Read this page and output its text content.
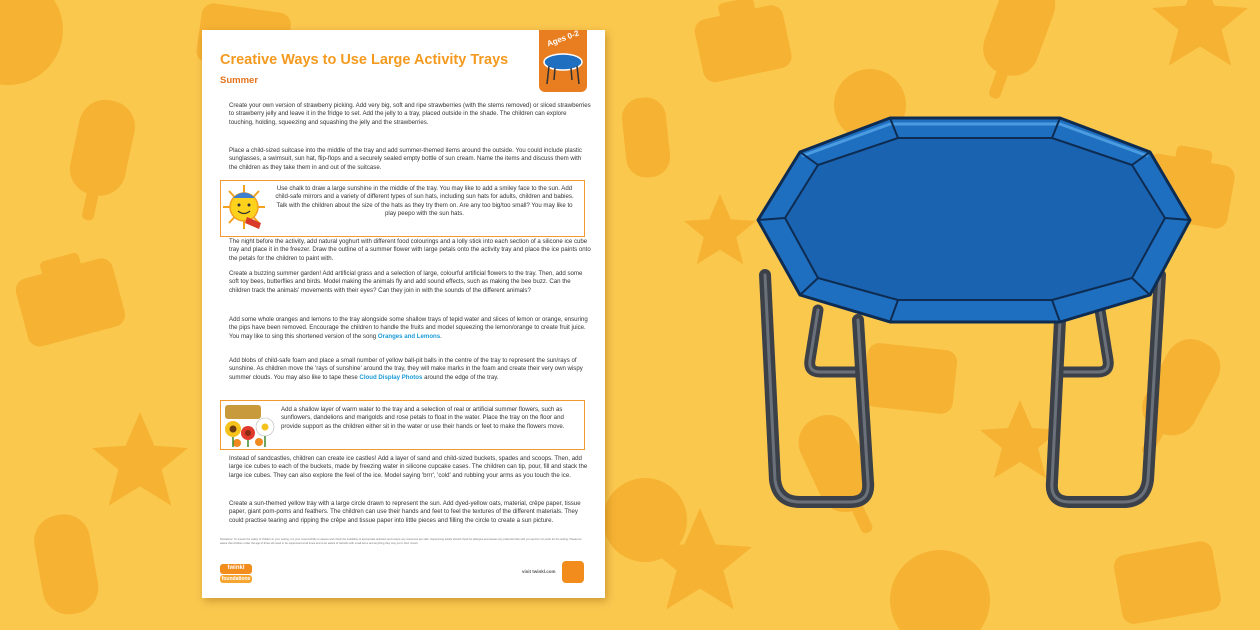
Creative Ways to Use Large Activity Trays
Summer
Ages 0-2

Create your own version of strawberry picking. Add very big, soft and ripe strawberries (with the stems removed) or sliced strawberries to strawberry jelly and leave it in the fridge to set. Add the jelly to a tray, placed outside in the shade. The children can explore touching, holding, squeezing and squashing the jelly and the strawberries.

Place a child-sized suitcase into the middle of the tray and add summer-themed items around the outside. You could include plastic sunglasses, a swimsuit, sun hat, flip-flops and a securely sealed empty bottle of sun cream. Name the items and discuss them with the children as they take them in and out of the suitcase.

Use chalk to draw a large sunshine in the middle of the tray. You may like to add a smiley face to the sun. Add child-safe mirrors and a variety of different types of sun hats, including sun hats for adults, children and babies. Talk with the children about the size of the hats as they try them on. Are any too big/too small? You may like to play peepo with the sun hats.

The night before the activity, add natural yoghurt with different food colourings and a lolly stick into each section of a silicone ice cube tray and place it in the freezer. Draw the outline of a summer flower with large petals onto the activity tray and place the ice paints onto the petals for the children to paint with.

Create a buzzing summer garden! Add artificial grass and a selection of large, colourful artificial flowers to the tray. Then, add some soft toy bees, butterflies and birds. Model making the animals fly and add sound effects, such as making the bee buzz. Can the children track the animals' movements with their eyes? Can they join in with the sounds of the different animals?

Add some whole oranges and lemons to the tray alongside some shallow trays of tepid water and slices of lemon or orange, ensuring the pips have been removed. Encourage the children to handle the fruits and model squeezing the lemon/orange to create fruit juice. You may like to sing this shortened version of the song Oranges and Lemons.

Add blobs of child-safe foam and place a small number of yellow ball-pit balls in the centre of the tray to represent the sun/rays of sunshine. As children move the 'rays of sunshine' around the tray, they will make marks in the foam and create their very own wispy summer clouds. You may also like to tape these Cloud Display Photos around the edge of the tray.

Add a shallow layer of warm water to the tray and a selection of real or artificial summer flowers, such as sunflowers, dandelions and marigolds and rose petals to float in the water. Place the tray on the floor and provide support as the children either sit in the water or use their hands or feet to make the flowers move.

Instead of sandcastles, children can create ice castles! Add a layer of sand and child-sized buckets, spades and scoops. Then, add large ice cubes to each of the buckets, made by freezing water in silicone cupcake cases. The children can tip, pour, fill and stack the large ice cubes. They can also explore the feel of the ice. Model saying 'brrr', 'cold' and rubbing your arms as you touch the ice.

Create a sun-themed yellow tray with a large circle drawn to represent the sun. Add dyed-yellow oats, material, crêpe paper, tissue paper, giant pom-poms and feathers. The children can use their hands and feet to feel the textures of the different materials. They could practise tearing and ripping the crêpe and tissue paper into little pieces and filling the circle to create a sun picture.

Disclaimer: To ensure the safety of children in your setting, it is your responsibility to assess and check the suitability of appropriate activities and ensure any resources are safe. Supervising adults should check for allergies and assess any potential risks with you and for it to work for the setting. Please be aware that children under the age of three will need to be supervised at all times and to be aware of hazards with small items and anything they may put in their mouth.
twinkl
foundations
visit twinkl.com
